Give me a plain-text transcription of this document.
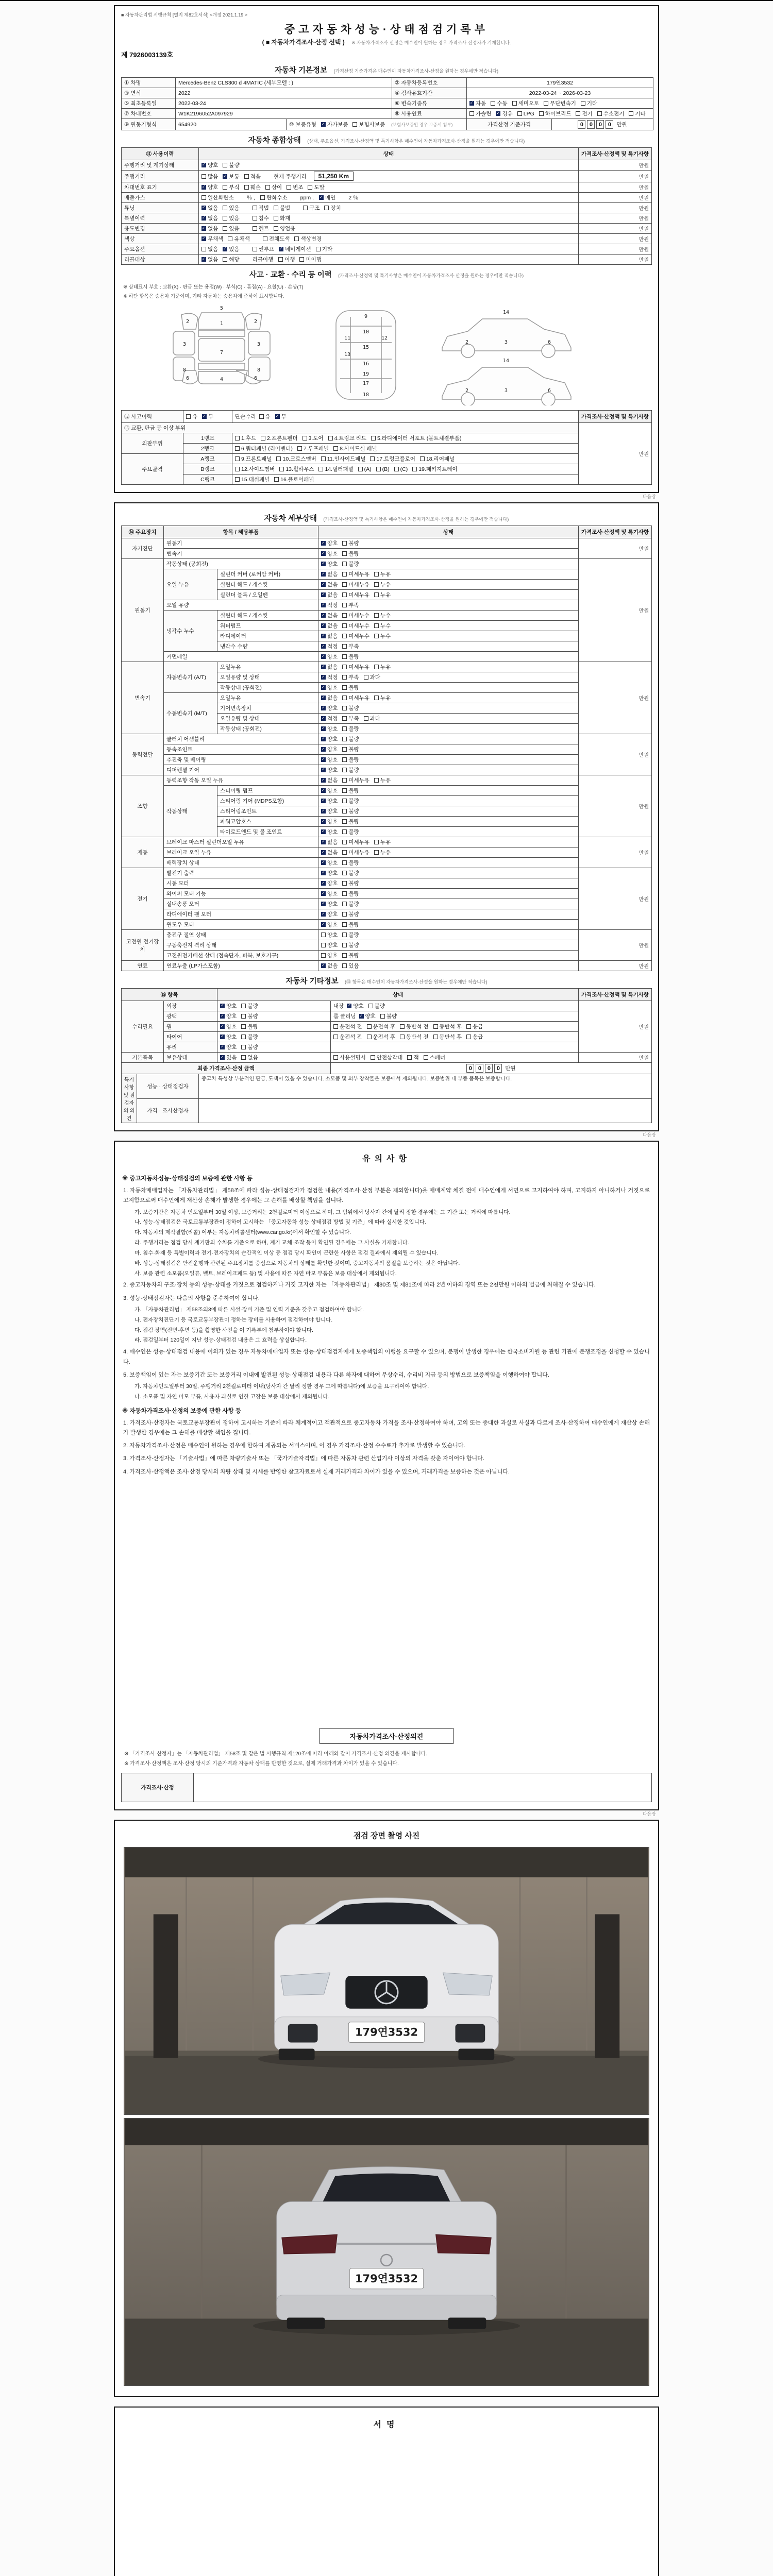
■ 자동차관리법 시행규칙 [별지 제82호서식] <개정 2021.1.19.>
중고자동차성능·상태점검기록부
( ■ 자동차가격조사·산정 선택 ) ※ 자동차가격조사·산정은 매수인이 원하는 경우 가격조사·산정자가 기재합니다.
제 7926003139호
자동차 기본정보 (가격산정 기준가격은 매수인이 자동차가격조사·산정을 원하는 경우에만 적습니다)
① 차명	Mercedes-Benz CLS300 d 4MATIC (세부모델 : )		② 자동차등록번호	179연3532	
③ 연식	2022		④ 검사유효기간	2022-03-24 ~ 2026-03-23	
⑤ 최초등록일	2022-03-24		⑥ 변속기종류	✓자동 수동 세미오토 무단변속기 기타
⑦ 차대번호	W1K2196052A097929		⑧ 사용연료	가솔린 ✓ 경유 LPG 하이브리드 전기 수소전기 기타
⑨ 원동기형식	654920	⑩ 보증유형 ✓ 자가보증 보험사보증 (보험사보증인 경우 보증서 첨부)		가격산정 기준가격	0 0 0 0 만원
자동차 종합상태 (상태, 주요옵션, 가격조사·산정액 및 특기사항은 매수인이 자동차가격조사·산정을 원하는 경우에만 적습니다)
⑪ 사용이력	상태	가격조사·산정액 및 특기사항
주행거리 및 계기상태	✓양호 불량	만원
주행거리	많음 ✓ 보통 적음 현재 주행거리 51,250 Km	만원
차대번호 표기	✓양호 부식 훼손 상이 변조 도말	만원
배출가스	일산화탄소 ％ , 탄화수소 ppm , ✓ 매연 2 ％	만원
튜닝	✓없음 있음 적법 불법 구조 장치	만원
특별이력	✓없음 있음 침수 화재	만원
용도변경	✓없음 있음 렌트 영업용	만원
색상	✓무채색 유채색 전체도색 색상변경	만원
주요옵션	없음 ✓ 있음 썬루프 ✓ 네비게이션 기타	만원
리콜대상	✓없음 해당 리콜이행 이행 미이행	만원
사고 · 교환 · 수리 등 이력 (가격조사·산정액 및 특기사항은 매수인이 자동차가격조사·산정을 원하는 경우에만 적습니다)
※ 상태표시 부호 : 교환(X) · 판금 또는 용접(W) · 부식(C) · 흠집(A) · 요철(U) · 손상(T)
※ 하단 항목은 승용차 기준이며, 기타 자동차는 승용차에 준하여 표시합니다.
5
1
2	2
3	3
7
8	8
6	6
4
9
10
11	12
15
13
16
19
17
18
14
2	3	6
14
2	3	6
⑫ 사고이력	유 ✓ 무	단순수리 유 ✓ 무	가격조사·산정액 및 특기사항
⑬ 교환, 판금 등 이상 부위			만원
외판부위	1랭크	1.후드 2.프론트펜더 3.도어 4.트렁크 리드 5.라디에이터 서포트 (볼트체결부품)	
	2랭크	6.쿼터패널 (리어펜더) 7.루프패널 8.사이드실 패널	
주요골격	A랭크	9.프론트패널 10.크로스멤버 11.인사이드패널 17.트렁크플로어 18.리어패널	
	B랭크	12.사이드멤버 13.휠하우스 14.필러패널 (A) (B) (C) 19.패키지트레이	
	C랭크	15.대쉬패널 16.플로어패널	
다음장
자동차 세부상태 (가격조사·산정액 및 특기사항은 매수인이 자동차가격조사·산정을 원하는 경우에만 적습니다)
⑭ 주요장치	항목 / 해당부품		상태	가격조사·산정액 및 특기사항
자기진단	원동기	✓양호 불량	만원
	변속기	✓양호 불량
원동기	작동상태 (공회전)	✓양호 불량	만원
	오일 누유	실린더 커버 (로커암 커버)	✓없음 미세누유 누유
		실린더 헤드 / 개스킷	✓없음 미세누유 누유
		실린더 블록 / 오일팬	✓없음 미세누유 누유
	오일 유량	✓적정 부족
	냉각수 누수	실린더 헤드 / 개스킷	✓없음 미세누수 누수
		워터펌프	✓없음 미세누수 누수
		라디에이터	✓없음 미세누수 누수
		냉각수 수량	✓적정 부족
	커먼레일	✓양호 불량
변속기	자동변속기 (A/T)	오일누유	✓없음 미세누유 누유	만원
		오일유량 및 상태	✓적정 부족 과다
		작동상태 (공회전)	✓양호 불량
	수동변속기 (M/T)	오일누유	✓없음 미세누유 누유
		기어변속장치	✓양호 불량
		오일유량 및 상태	✓적정 부족 과다
		작동상태 (공회전)	✓양호 불량
동력전달	클러치 어셈블리	✓양호 불량	만원
	등속조인트	✓양호 불량
	추진축 및 베어링	✓양호 불량
	디퍼렌셜 기어	✓양호 불량
조향	동력조향 작동 오일 누유	✓없음 미세누유 누유	만원
	작동상태	스티어링 펌프	✓양호 불량
		스티어링 기어 (MDPS포함)	✓양호 불량
		스티어링조인트	✓양호 불량
		파워고압호스	✓양호 불량
		타이로드엔드 및 볼 조인트	✓양호 불량
제동	브레이크 마스터 실린더오일 누유	✓없음 미세누유 누유	만원
	브레이크 오일 누유	✓없음 미세누유 누유
	배력장치 상태	✓양호 불량
전기	발전기 출력	✓양호 불량	만원
	시동 모터	✓양호 불량
	와이퍼 모터 기능	✓양호 불량
	실내송풍 모터	✓양호 불량
	라디에이터 팬 모터	✓양호 불량
	윈도우 모터	✓양호 불량
고전원 전기장치	충전구 절연 상태		양호 불량	만원
	구동축전지 격리 상태		양호 불량	
	고전원전기배선 상태 (접속단자, 피복, 보호기구)		양호 불량	
연료	연료누출 (LP가스포함)	✓없음 있음	만원
자동차 기타정보 (⑮ 항목은 매수인이 자동차가격조사·산정을 원하는 경우에만 적습니다)
⑮ 항목		상태		가격조사·산정액 및 특기사항
수리필요	외장	✓양호 불량	내장 ✓ 양호 불량	만원
	광택	✓양호 불량	룸 클리닝 ✓ 양호 불량
	휠	✓양호 불량	운전석 전 운전석 후 동반석 전 동반석 후 응급	
	타이어	✓양호 불량	운전석 전 운전석 후 동반석 전 동반석 후 응급	
	유리	✓양호 불량	
기본품목	보유상태	✓있음 없음	사용설명서 안전삼각대 잭 스패너	만원
최종 가격조사·산정 금액	0 0 0 0 만원
특기사항 및 점검자의 의견	성능 · 상태점검자	중고차 특성상 부분적인 판금, 도색이 있을 수 있습니다. 소모품 및 외부 장착물은 보증에서 제외됩니다. 보증범위 내 부품 품목은 보증합니다.
	가격 · 조사산정자	
다음장
유의사항
※ 중고자동차성능·상태점검의 보증에 관한 사항 등
1. 자동차매매업자는 「자동차관리법」 제58조에 따라 성능·상태점검자가 점검한 내용(가격조사·산정 부분은 제외합니다)을 매매계약 체결 전에 매수인에게 서면으로 고지하여야 하며, 고지하지 아니하거나 거짓으로 고지함으로써 매수인에게 재산상 손해가 발생한 경우에는 그 손해를 배상할 책임을 집니다.
가. 보증기간은 자동차 인도일부터 30일 이상, 보증거리는 2천킬로미터 이상으로 하며, 그 범위에서 당사자 간에 달리 정한 경우에는 그 기간 또는 거리에 따릅니다.
나. 성능·상태점검은 국토교통부장관이 정하여 고시하는 「중고자동차 성능·상태점검 방법 및 기준」에 따라 실시한 것입니다.
다. 자동차의 제작결함(리콜) 여부는 자동차리콜센터(www.car.go.kr)에서 확인할 수 있습니다.
라. 주행거리는 점검 당시 계기판의 수치를 기준으로 하며, 계기 교체·조작 등이 확인된 경우에는 그 사실을 기재합니다.
마. 침수·화재 등 특별이력과 전기·전자장치의 순간적인 이상 등 점검 당시 확인이 곤란한 사항은 점검 결과에서 제외될 수 있습니다.
바. 성능·상태점검은 안전운행과 관련된 주요장치를 중심으로 자동차의 상태를 확인한 것이며, 중고자동차의 품질을 보증하는 것은 아닙니다.
사. 보증 관련 소모품(오일류, 벨트, 브레이크패드 등) 및 사용에 따른 자연 마모 부품은 보증 대상에서 제외됩니다.
2. 중고자동차의 구조·장치 등의 성능·상태를 거짓으로 점검하거나 거짓 고지한 자는 「자동차관리법」 제80조 및 제81조에 따라 2년 이하의 징역 또는 2천만원 이하의 벌금에 처해질 수 있습니다.
3. 성능·상태점검자는 다음의 사항을 준수하여야 합니다.
가. 「자동차관리법」 제58조의3에 따른 시설·장비 기준 및 인력 기준을 갖추고 점검하여야 합니다.
나. 전자장치진단기 등 국토교통부장관이 정하는 장비를 사용하여 점검하여야 합니다.
다. 점검 장면(전면·후면 등)을 촬영한 사진을 이 기록부에 첨부하여야 합니다.
라. 점검일부터 120일이 지난 성능·상태점검 내용은 그 효력을 상실합니다.
4. 매수인은 성능·상태점검 내용에 이의가 있는 경우 자동차매매업자 또는 성능·상태점검자에게 보증책임의 이행을 요구할 수 있으며, 분쟁이 발생한 경우에는 한국소비자원 등 관련 기관에 분쟁조정을 신청할 수 있습니다.
5. 보증책임이 있는 자는 보증기간 또는 보증거리 이내에 발견된 성능·상태점검 내용과 다른 하자에 대하여 무상수리, 수리비 지급 등의 방법으로 보증책임을 이행하여야 합니다.
가. 자동차인도일부터 30일, 주행거리 2천킬로미터 이내(당사자 간 달리 정한 경우 그에 따릅니다)에 보증을 요구하여야 합니다.
나. 소모품 및 자연 마모 부품, 사용자 과실로 인한 고장은 보증 대상에서 제외됩니다.
※ 자동차가격조사·산정의 보증에 관한 사항 등
1. 가격조사·산정자는 국토교통부장관이 정하여 고시하는 기준에 따라 체계적이고 객관적으로 중고자동차 가격을 조사·산정하여야 하며, 고의 또는 중대한 과실로 사실과 다르게 조사·산정하여 매수인에게 재산상 손해가 발생한 경우에는 그 손해를 배상할 책임을 집니다.
2. 자동차가격조사·산정은 매수인이 원하는 경우에 한하여 제공되는 서비스이며, 이 경우 가격조사·산정 수수료가 추가로 발생할 수 있습니다.
3. 가격조사·산정자는 「기술사법」에 따른 차량기술사 또는 「국가기술자격법」에 따른 자동차 관련 산업기사 이상의 자격을 갖춘 자이어야 합니다.
4. 가격조사·산정액은 조사·산정 당시의 차량 상태 및 시세를 반영한 참고자료로서 실제 거래가격과 차이가 있을 수 있으며, 거래가격을 보증하는 것은 아닙니다.
자동차가격조사·산정의견
※ 「가격조사·산정자」는 「자동차관리법」 제58조 및 같은 법 시행규칙 제120조에 따라 아래와 같이 가격조사·산정 의견을 제시합니다.
※ 가격조사·산정액은 조사·산정 당시의 기준가격과 자동차 상태를 반영한 것으로, 실제 거래가격과 차이가 있을 수 있습니다.
가격조사·산정	
다음장
점검 장면 촬영 사진
179연3532
179연3532
서명
